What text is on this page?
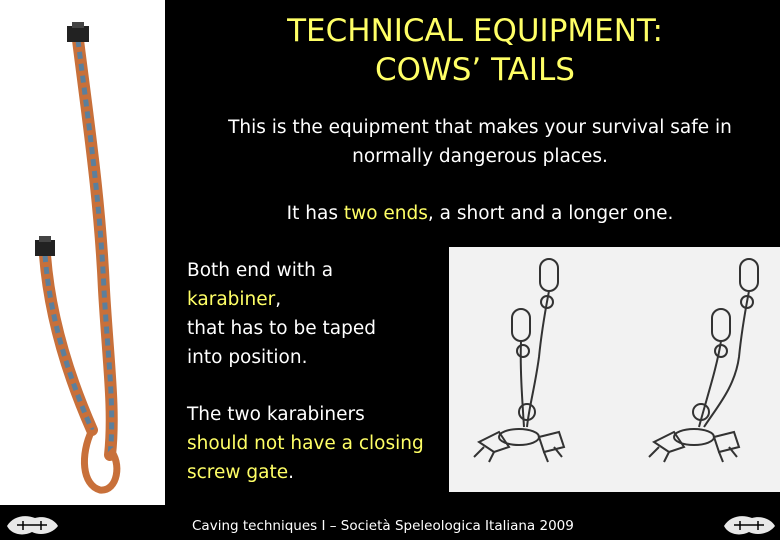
TECHNICAL EQUIPMENT:
COWS’ TAILS
This is the equipment that makes your survival safe in
normally dangerous places.
It has two ends, a short and a longer one.
Both end with a
karabiner,
that has to be taped
into position.
The two karabiners
should not have a closing
screw gate.
Caving techniques I – Società Speleologica Italiana 2009
